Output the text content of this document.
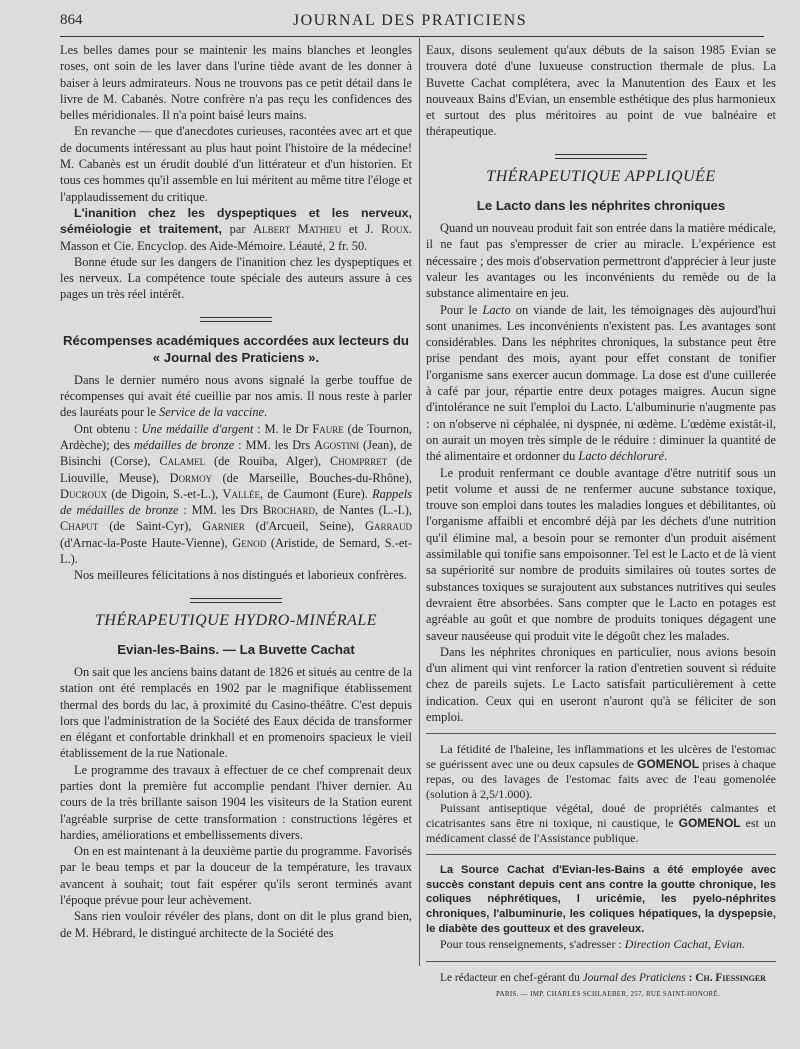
864	JOURNAL DES PRATICIENS

Les belles dames pour se maintenir les mains blanches et leongles roses, ont soin de les laver dans l'urine tiède avant de les donner à baiser à leurs admirateurs. Nous ne trouvons pas ce petit détail dans le livre de M. Cabanès. Notre confrère n'a pas reçu les confidences des belles méridionales. Il n'a point baisé leurs mains.

En revanche — que d'anecdotes curieuses, racontées avec art et que de documents intéressant au plus haut point l'histoire de la médecine! M. Cabanès est un érudit doublé d'un littérateur et d'un historien. Et tous ces hommes qu'il assemble en lui méritent au même titre l'éloge et l'applaudissement du critique.

L'inanition chez les dyspeptiques et les nerveux, séméiologie et traitement, par Albert Mathieu et J. Roux. Masson et Cie. Encyclop. des Aide-Mémoire. Léauté, 2 fr. 50.

Bonne étude sur les dangers de l'inanition chez les dyspeptiques et les nerveux. La compétence toute spéciale des auteurs assure à ces pages un très réel intérêt.

Récompenses académiques accordées aux lecteurs du « Journal des Praticiens ».

Dans le dernier numéro nous avons signalé la gerbe touffue de récompenses qui avait été cueillie par nos amis. Il nous reste à parler des lauréats pour le Service de la vaccine.

Ont obtenu : Une médaille d'argent : M. le Dr Faure (de Tournon, Ardèche); des médailles de bronze : MM. les Drs Agostini (Jean), de Bisinchi (Corse), Calamel (de Rouiba, Alger), Chomprret (de Liouville, Meuse), Dormoy (de Marseille, Bouches-du-Rhône), Ducroux (de Digoin, S.-et-L.), Vallée, de Caumont (Eure). Rappels de médailles de bronze : MM. les Drs Brochard, de Nantes (L.-I.), Chaput (de Saint-Cyr), Garnier (d'Arcueil, Seine), Garraud (d'Arnac-la-Poste Haute-Vienne), Genod (Aristide, de Semard, S.-et-L.).

Nos meilleures félicitations à nos distingués et laborieux confrères.

THÉRAPEUTIQUE HYDRO-MINÉRALE
Evian-les-Bains. — La Buvette Cachat

On sait que les anciens bains datant de 1826 et situés au centre de la station ont été remplacés en 1902 par le magnifique établissement thermal des bords du lac, à proximité du Casino-théâtre. C'est depuis lors que l'administration de la Société des Eaux décida de transformer en élégant et confortable drinkhall et en promenoirs spacieux le vieil établissement de la rue Nationale.

Le programme des travaux à effectuer de ce chef comprenait deux parties dont la première fut accomplie pendant l'hiver dernier. Au cours de la très brillante saison 1904 les visiteurs de la Station eurent l'agréable surprise de cette transformation : constructions légères et hardies, améliorations et embellissements divers.

On en est maintenant à la deuxième partie du programme. Favorisés par le beau temps et par la douceur de la température, les travaux avancent à souhait; tout fait espérer qu'ils seront terminés avant l'époque prévue pour leur achèvement.

Sans rien vouloir révéler des plans, dont on dit le plus grand bien, de M. Hébrard, le distingué architecte de la Société des

Eaux, disons seulement qu'aux débuts de la saison 1985 Evian se trouvera doté d'une luxueuse construction thermale de plus. La Buvette Cachat complétera, avec la Manutention des Eaux et les nouveaux Bains d'Evian, un ensemble esthétique des plus harmonieux et surtout des plus méritoires au point de vue balnéaire et thérapeutique.

THÉRAPEUTIQUE APPLIQUÉE
Le Lacto dans les néphrites chroniques

Quand un nouveau produit fait son entrée dans la matière médicale, il ne faut pas s'empresser de crier au miracle. L'expérience est nécessaire ; des mois d'observation permettront d'apprécier à leur juste valeur les avantages ou les inconvénients du remède ou de la substance alimentaire en jeu.

Pour le Lacto on viande de lait, les témoignages dès aujourd'hui sont unanimes. Les inconvénients n'existent pas. Les avantages sont considérables. Dans les néphrites chroniques, la substance peut être prise pendant des mois, ayant pour effet constant de tonifier l'organisme sans exercer aucun dommage. La dose est d'une cuillerée à café par jour, répartie entre deux potages maigres. Aucun signe d'intolérance ne suit l'emploi du Lacto. L'albuminurie n'augmente pas : on n'observe ni céphalée, ni dyspnée, ni œdème. L'œdème existât-il, on aurait un moyen très simple de le réduire : diminuer la quantité de thé alimentaire et ordonner du Lacto déchloruré.

Le produit renfermant ce double avantage d'être nutritif sous un petit volume et aussi de ne renfermer aucune substance toxique, trouve son emploi dans toutes les maladies longues et débilitantes, où l'organisme affaibli et encombré déjà par les déchets d'une nutrition qu'il élimine mal, a besoin pour se remonter d'un produit aisément assimilable qui tonifie sans empoisonner. Tel est le Lacto et de là vient sa supériorité sur nombre de produits similaires où toutes sortes de substances toxiques se surajoutent aux substances nutritives qui seules devraient être absorbées. Sans compter que le Lacto en potages est agréable au goût et que nombre de produits toniques dégagent une saveur nauséeuse qui produit vite le dégoût chez les malades.

Dans les néphrites chroniques en particulier, nous avions besoin d'un aliment qui vint renforcer la ration d'entretien souvent si réduite chez de pareils sujets. Le Lacto satisfait particulièrement à cette indication. Ceux qui en useront n'auront qu'à se féliciter de son emploi.

La fétidité de l'haleine, les inflammations et les ulcères de l'estomac se guérissent avec une ou deux capsules de GOMENOL prises à chaque repas, ou des lavages de l'estomac faits avec de l'eau gomenolée (solution à 2,5/1.000).

Puissant antiseptique végétal, doué de propriétés calmantes et cicatrisantes sans être ni toxique, ni caustique, le GOMENOL est un médicament classé de l'Assistance publique.

La Source Cachat d'Evian-les-Bains a été employée avec succès constant depuis cent ans contre la goutte chronique, les coliques néphrétiques, l uricémie, les pyelo-néphrites chroniques, l'albuminurie, les coliques hépatiques, la dyspepsie, le diabète des goutteux et des graveleux.

Pour tous renseignements, s'adresser : Direction Cachat, Evian.

Le rédacteur en chef-gérant du Journal des Praticiens : Ch. Fiessinger

PARIS. — IMP. CHARLES SCHLAEBER, 257, RUE SAINT-HONORÉ.
